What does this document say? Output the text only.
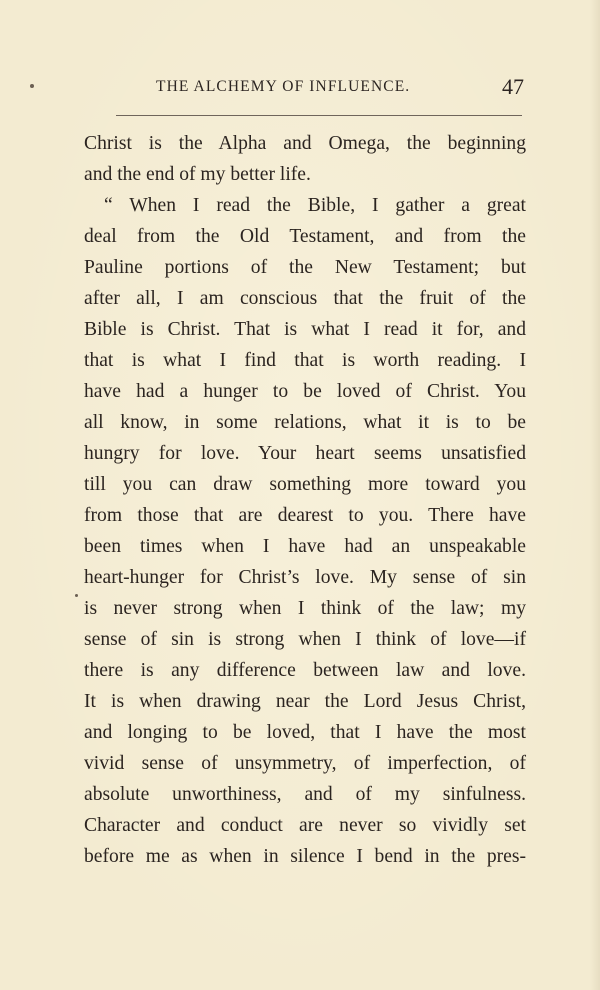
THE ALCHEMY OF INFLUENCE.	47
Christ is the Alpha and Omega, the beginning
and the end of my better life.
“ When I read the Bible, I gather a great
deal from the Old Testament, and from the
Pauline portions of the New Testament; but
after all, I am conscious that the fruit of the
Bible is Christ. That is what I read it for, and
that is what I find that is worth reading. I
have had a hunger to be loved of Christ. You
all know, in some relations, what it is to be
hungry for love. Your heart seems unsatisfied
till you can draw something more toward you
from those that are dearest to you. There have
been times when I have had an unspeakable
heart-hunger for Christ’s love. My sense of sin
is never strong when I think of the law; my
sense of sin is strong when I think of love—if
there is any difference between law and love.
It is when drawing near the Lord Jesus Christ,
and longing to be loved, that I have the most
vivid sense of unsymmetry, of imperfection, of
absolute unworthiness, and of my sinfulness.
Character and conduct are never so vividly set
before me as when in silence I bend in the pres-
